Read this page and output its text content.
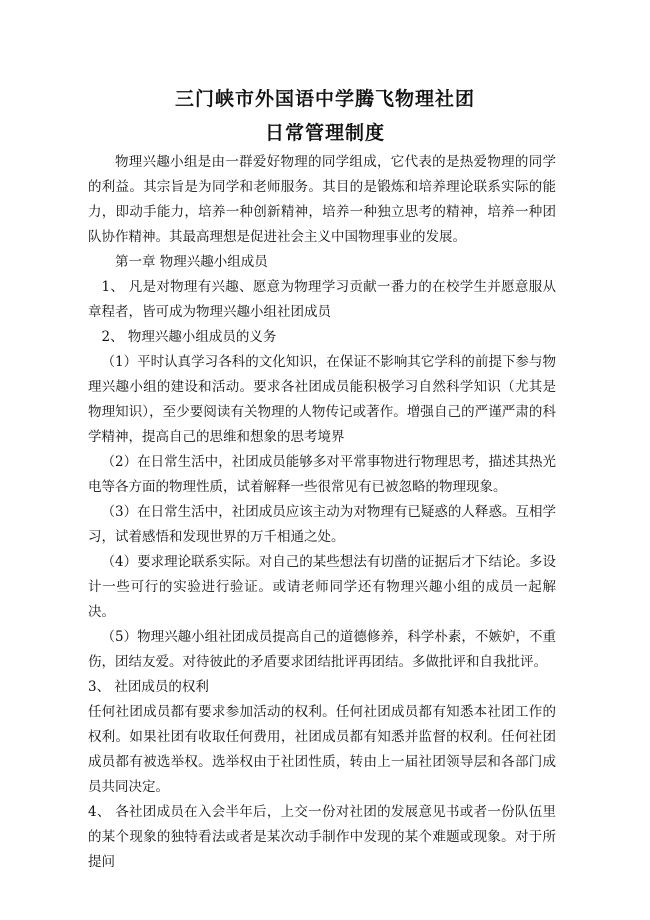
三门峡市外国语中学腾飞物理社团
日常管理制度

物理兴趣小组是由一群爱好物理的同学组成，它代表的是热爱物理的同学的利益。其宗旨是为同学和老师服务。其目的是锻炼和培养理论联系实际的能力，即动手能力，培养一种创新精神，培养一种独立思考的精神，培养一种团队协作精神。其最高理想是促进社会主义中国物理事业的发展。

第一章 物理兴趣小组成员

1、 凡是对物理有兴趣、愿意为物理学习贡献一番力的在校学生并愿意服从章程者，皆可成为物理兴趣小组社团成员

2、 物理兴趣小组成员的义务

（1）平时认真学习各科的文化知识，在保证不影响其它学科的前提下参与物理兴趣小组的建设和活动。要求各社团成员能积极学习自然科学知识（尤其是物理知识），至少要阅读有关物理的人物传记或著作。增强自己的严谨严肃的科学精神，提高自己的思维和想象的思考境界

（2）在日常生活中，社团成员能够多对平常事物进行物理思考，描述其热光电等各方面的物理性质，试着解释一些很常见有已被忽略的物理现象。

（3）在日常生活中，社团成员应该主动为对物理有已疑惑的人释惑。互相学习，试着感悟和发现世界的万千相通之处。

（4）要求理论联系实际。对自己的某些想法有切凿的证据后才下结论。多设计一些可行的实验进行验证。或请老师同学还有物理兴趣小组的成员一起解决。

（5）物理兴趣小组社团成员提高自己的道德修养，科学朴素，不嫉妒，不重伤，团结友爱。对待彼此的矛盾要求团结批评再团结。多做批评和自我批评。

3、 社团成员的权利

任何社团成员都有要求参加活动的权利。任何社团成员都有知悉本社团工作的权利。如果社团有收取任何费用，社团成员都有知悉并监督的权利。任何社团成员都有被选举权。选举权由于社团性质，转由上一届社团领导层和各部门成员共同决定。

4、 各社团成员在入会半年后，上交一份对社团的发展意见书或者一份队伍里的某个现象的独特看法或者是某次动手制作中发现的某个难题或现象。对于所提问
